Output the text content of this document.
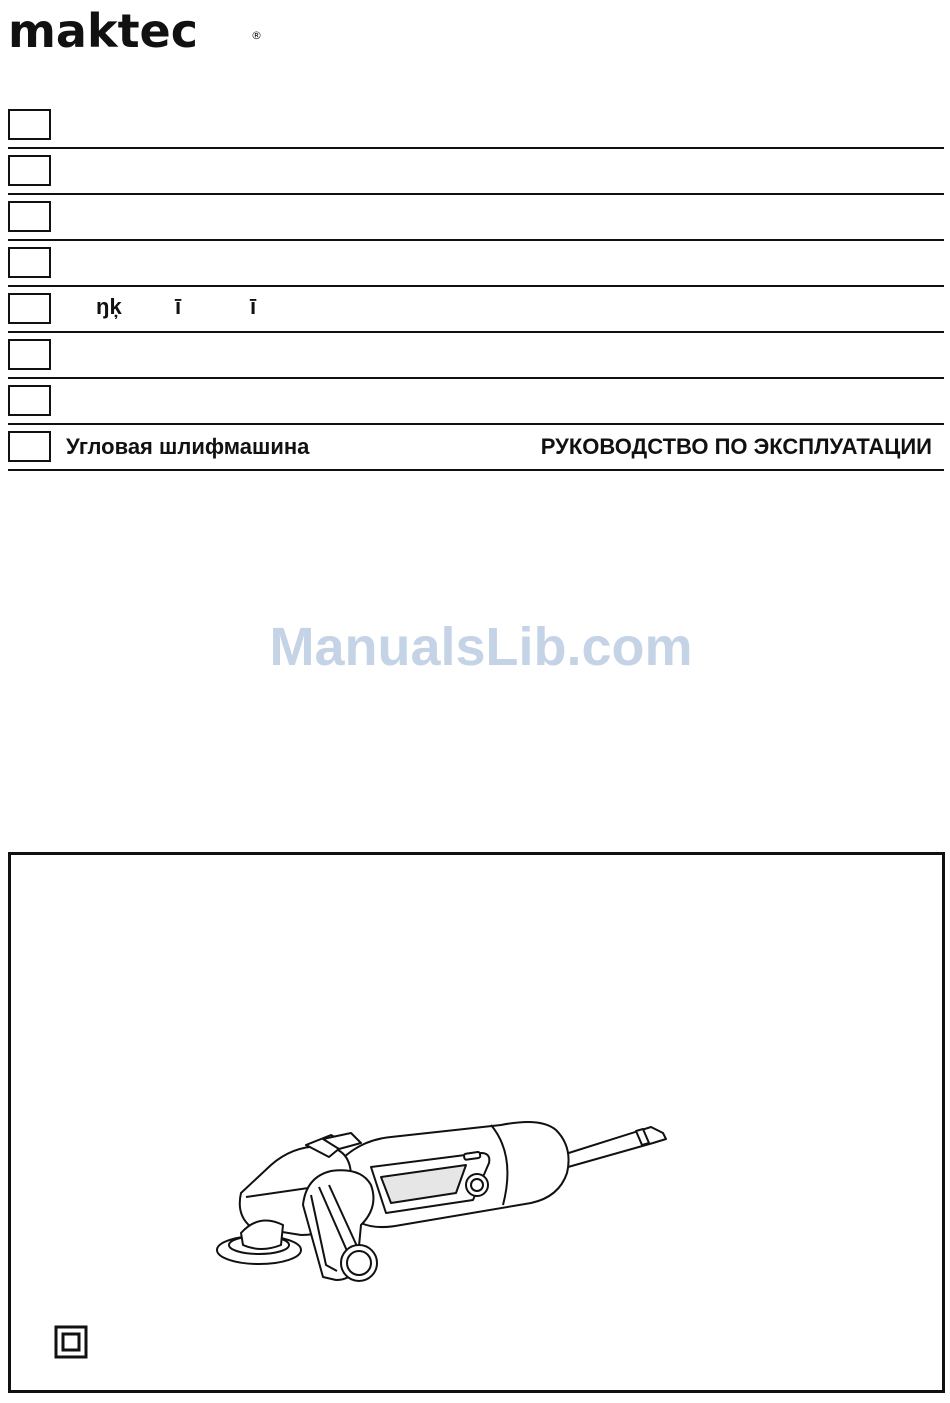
maktec	®
ŋķ ī	ī
Угловая шлифмашина	РУКОВОДСТВО ПО ЭКСПЛУАТАЦИИ
ManualsLib.com
